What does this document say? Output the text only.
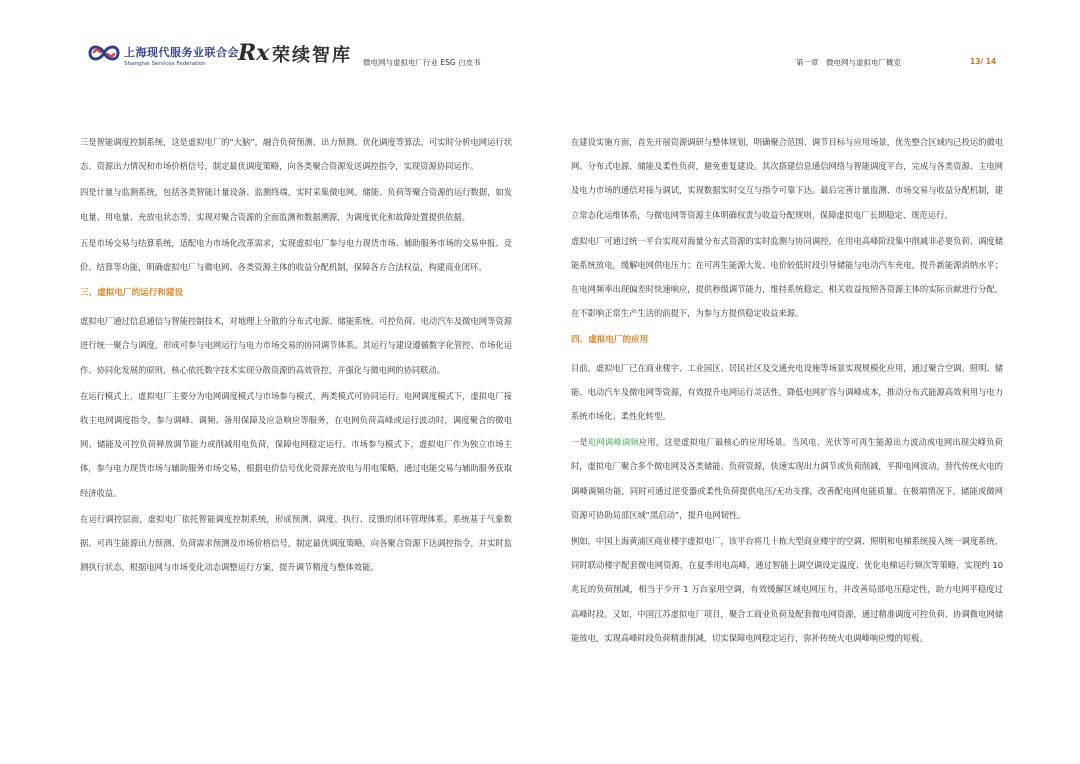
上海现代服务业联合会
Shanghai Services Federation	Rx 荣续智库 微电网与虚拟电厂行业 ESG 白皮书	第一章　微电网与虚拟电厂概览	13/ 14

三是智能调度控制系统，这是虚拟电厂的“大脑”，融合负荷预测、出力预测、优化调度等算法，可实时分析电网运行状态、资源出力情况和市场价格信号，制定最优调度策略，向各类聚合资源发送调控指令，实现资源协同运作。

四是计量与监测系统，包括各类智能计量设备、监测终端，实时采集微电网、储能、负荷等聚合资源的运行数据，如发电量、用电量、充放电状态等，实现对聚合资源的全面监测和数据溯源，为调度优化和故障处置提供依据。

五是市场交易与结算系统，适配电力市场化改革需求，实现虚拟电厂参与电力现货市场、辅助服务市场的交易申报、竞价、结算等功能，明确虚拟电厂与微电网、各类资源主体的收益分配机制，保障各方合法权益，构建商业闭环。

三、虚拟电厂的运行和建设

虚拟电厂通过信息通信与智能控制技术，对地理上分散的分布式电源、储能系统、可控负荷、电动汽车及微电网等资源进行统一聚合与调度，形成可参与电网运行与电力市场交易的协同调节体系。其运行与建设遵循数字化管控、市场化运作、协同化发展的原则，核心依托数字技术实现分散资源的高效管控，并强化与微电网的协同联动。

在运行模式上，虚拟电厂主要分为电网调度模式与市场参与模式，两类模式可协同运行。电网调度模式下，虚拟电厂接收主电网调度指令，参与调峰、调频、备用保障及应急响应等服务，在电网负荷高峰或运行波动时，调度聚合的微电网、储能及可控负荷释放调节能力或削减用电负荷，保障电网稳定运行。市场参与模式下，虚拟电厂作为独立市场主体，参与电力现货市场与辅助服务市场交易，根据电价信号优化资源充放电与用电策略，通过电能交易与辅助服务获取经济收益。

在运行调控层面，虚拟电厂依托智能调度控制系统，形成预测、调度、执行、反馈的闭环管理体系。系统基于气象数据、可再生能源出力预测、负荷需求预测及市场价格信号，制定最优调度策略，向各聚合资源下达调控指令，并实时监测执行状态，根据电网与市场变化动态调整运行方案，提升调节精度与整体效能。

在建设实施方面，首先开展资源调研与整体规划，明确聚合范围、调节目标与应用场景，优先整合区域内已投运的微电网、分布式电源、储能及柔性负荷，避免重复建设。其次搭建信息通信网络与智能调度平台，完成与各类资源、主电网及电力市场的通信对接与调试，实现数据实时交互与指令可靠下达。最后完善计量监测、市场交易与收益分配机制，建立常态化运维体系，与微电网等资源主体明确权责与收益分配规则，保障虚拟电厂长期稳定、规范运行。

虚拟电厂可通过统一平台实现对海量分布式资源的实时监测与协同调控，在用电高峰阶段集中削减非必要负荷、调度储能系统放电，缓解电网供电压力；在可再生能源大发、电价较低时段引导储能与电动汽车充电，提升新能源消纳水平；在电网频率出现偏差时快速响应，提供秒级调节能力，维持系统稳定。相关收益按照各资源主体的实际贡献进行分配，在不影响正常生产生活的前提下，为参与方提供稳定收益来源。

四、虚拟电厂的应用

目前，虚拟电厂已在商业楼宇、工业园区、居民社区及交通充电设施等场景实现规模化应用，通过聚合空调、照明、储能、电动汽车及微电网等资源，有效提升电网运行灵活性，降低电网扩容与调峰成本，推动分布式能源高效利用与电力系统市场化、柔性化转型。

一是电网调峰调频应用，这是虚拟电厂最核心的应用场景。当风电、光伏等可再生能源出力波动或电网出现尖峰负荷时，虚拟电厂聚合多个微电网及各类储能、负荷资源，快速实现出力调节或负荷削减，平抑电网波动，替代传统火电的调峰调频功能，同时可通过逆变器或柔性负荷提供电压/无功支撑，改善配电网电能质量。在极端情况下，储能或微网资源可协助局部区域“黑启动”，提升电网韧性。

例如，中国上海黄浦区商业楼宇虚拟电厂，该平台将几十栋大型商业楼宇的空调、照明和电梯系统接入统一调度系统，同时联动楼宇配套微电网资源，在夏季用电高峰，通过智能上调空调设定温度、优化电梯运行频次等策略，实现约 10 兆瓦的负荷削减，相当于少开 1 万台家用空调，有效缓解区域电网压力，并改善局部电压稳定性，助力电网平稳度过高峰时段。又如，中国江苏虚拟电厂项目，聚合工商业负荷及配套微电网资源，通过精准调度可控负荷、协调微电网储能放电，实现高峰时段负荷精准削减，切实保障电网稳定运行，弥补传统火电调峰响应慢的短板。
